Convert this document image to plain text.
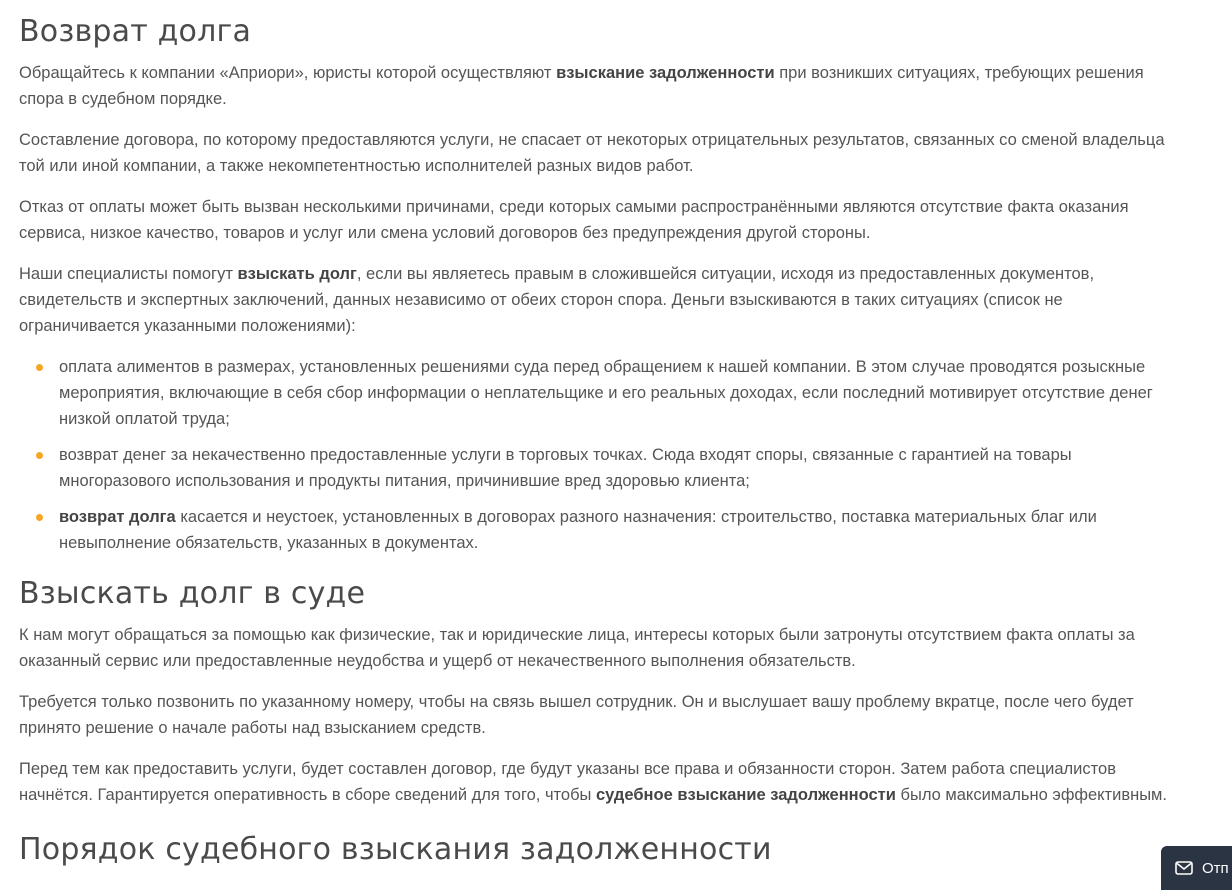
Возврат долга

Обращайтесь к компании «Априори», юристы которой осуществляют взыскание задолженности при возникших ситуациях, требующих решения спора в судебном порядке.

Составление договора, по которому предоставляются услуги, не спасает от некоторых отрицательных результатов, связанных со сменой владельца той или иной компании, а также некомпетентностью исполнителей разных видов работ.

Отказ от оплаты может быть вызван несколькими причинами, среди которых самыми распространёнными являются отсутствие факта оказания сервиса, низкое качество, товаров и услуг или смена условий договоров без предупреждения другой стороны.

Наши специалисты помогут взыскать долг, если вы являетесь правым в сложившейся ситуации, исходя из предоставленных документов, свидетельств и экспертных заключений, данных независимо от обеих сторон спора. Деньги взыскиваются в таких ситуациях (список не ограничивается указанными положениями):

оплата алиментов в размерах, установленных решениями суда перед обращением к нашей компании. В этом случае проводятся розыскные мероприятия, включающие в себя сбор информации о неплательщике и его реальных доходах, если последний мотивирует отсутствие денег низкой оплатой труда;
возврат денег за некачественно предоставленные услуги в торговых точках. Сюда входят споры, связанные с гарантией на товары многоразового использования и продукты питания, причинившие вред здоровью клиента;
возврат долга касается и неустоек, установленных в договорах разного назначения: строительство, поставка материальных благ или невыполнение обязательств, указанных в документах.
Взыскать долг в суде

К нам могут обращаться за помощью как физические, так и юридические лица, интересы которых были затронуты отсутствием факта оплаты за оказанный сервис или предоставленные неудобства и ущерб от некачественного выполнения обязательств.

Требуется только позвонить по указанному номеру, чтобы на связь вышел сотрудник. Он и выслушает вашу проблему вкратце, после чего будет принято решение о начале работы над взысканием средств.

Перед тем как предоставить услуги, будет составлен договор, где будут указаны все права и обязанности сторон. Затем работа специалистов начнётся. Гарантируется оперативность в сборе сведений для того, чтобы судебное взыскание задолженности было максимально эффективным.

Порядок судебного взыскания задолженности
Отп
